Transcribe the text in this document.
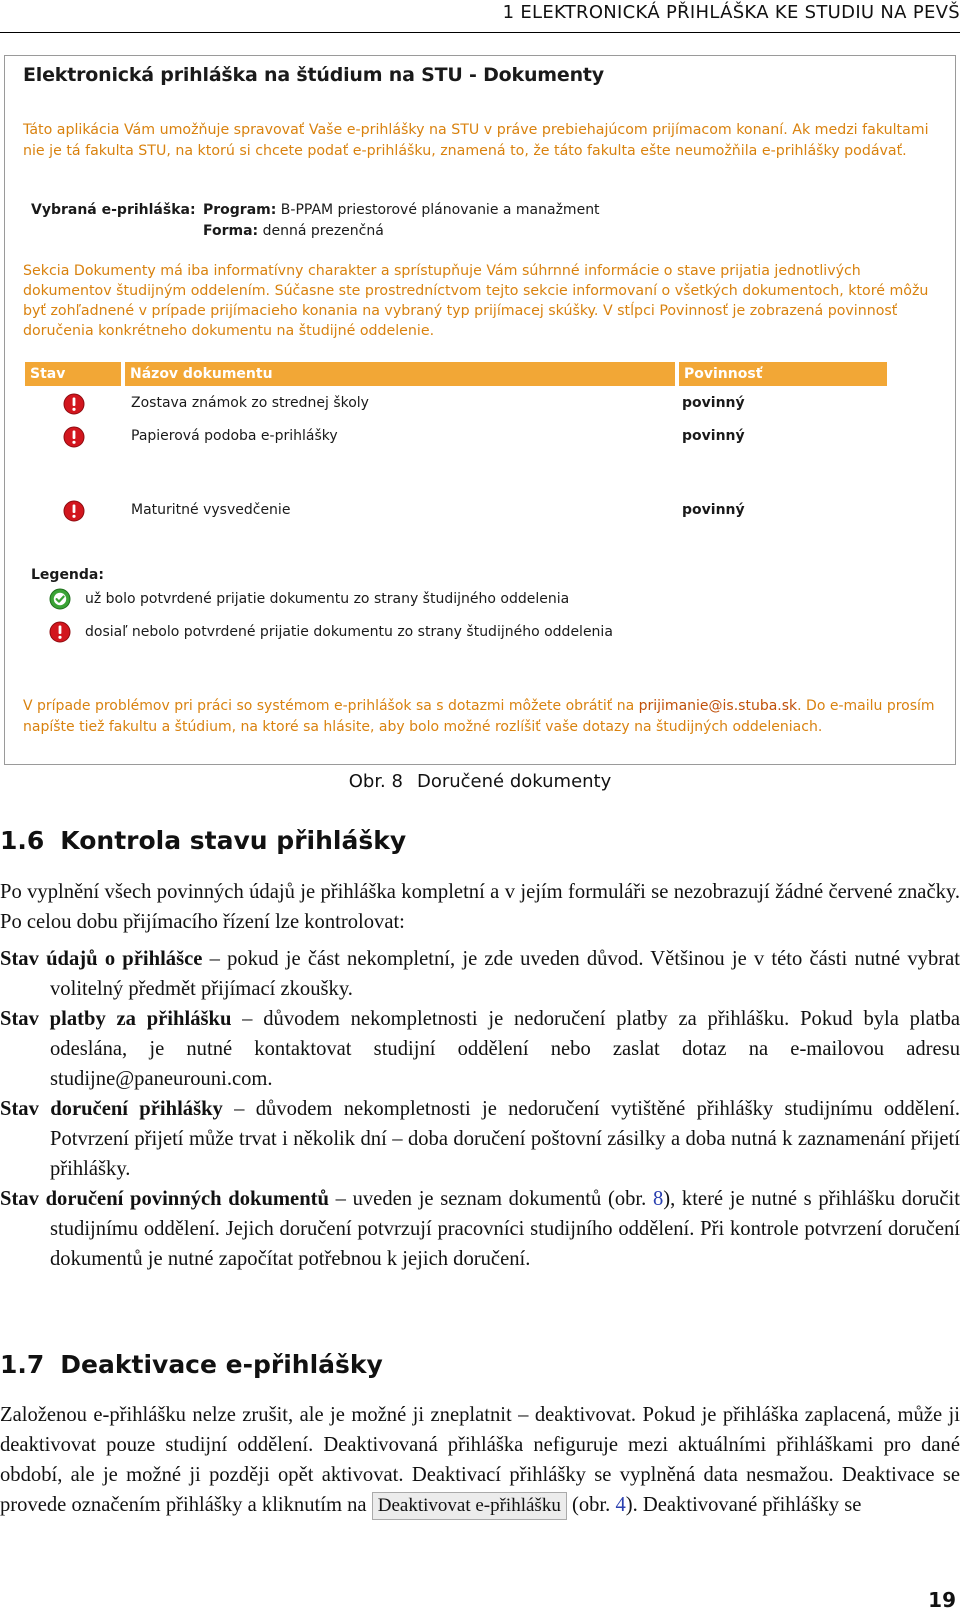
1 ELEKTRONICKÁ PŘIHLÁŠKA KE STUDIU NA PEVŠ
Elektronická prihláška na štúdium na STU - Dokumenty
Táto aplikácia Vám umožňuje spravovať Vaše e-prihlášky na STU v práve prebiehajúcom prijímacom konaní. Ak medzi fakultami nie je tá fakulta STU, na ktorú si chcete podať e-prihlášku, znamená to, že táto fakulta ešte neumožňila e-prihlášky podávať.
Vybraná e-prihláška: Program: B-PPAM priestorové plánovanie a manažment
Forma: denná prezenčná
Sekcia Dokumenty má iba informatívny charakter a sprístupňuje Vám súhrnné informácie o stave prijatia jednotlivých dokumentov študijným oddelením. Súčasne ste prostredníctvom tejto sekcie informovaní o všetkých dokumentoch, ktoré môžu byť zohľadnené v prípade prijímacieho konania na vybraný typ prijímacej skúšky. V stĺpci Povinnosť je zobrazená povinnosť doručenia konkrétneho dokumentu na študijné oddelenie.
Stav	Názov dokumentu	Povinnosť
Zostava známok zo strednej školy	povinný
Papierová podoba e-prihlášky	povinný
Maturitné vysvedčenie	povinný
Legenda:
už bolo potvrdené prijatie dokumentu zo strany študijného oddelenia
dosiaľ nebolo potvrdené prijatie dokumentu zo strany študijného oddelenia
V prípade problémov pri práci so systémom e-prihlášok sa s dotazmi môžete obrátiť na prijimanie@is.stuba.sk. Do e-mailu prosím napíšte tiež fakultu a štúdium, na ktoré sa hlásite, aby bolo možné rozlíšiť vaše dotazy na študijných oddeleniach.
Obr. 8 Doručené dokumenty
1.6 Kontrola stavu přihlášky
Po vyplnění všech povinných údajů je přihláška kompletní a v jejím formuláři se nezobrazují žádné červené značky. Po celou dobu přijímacího řízení lze kontrolovat:
Stav údajů o přihlášce – pokud je část nekompletní, je zde uveden důvod. Většinou je v této části nutné vybrat volitelný předmět přijímací zkoušky.
Stav platby za přihlášku – důvodem nekompletnosti je nedoručení platby za přihlášku. Pokud byla platba odeslána, je nutné kontaktovat studijní oddělení nebo zaslat dotaz na e-mailovou adresu studijne@paneurouni.com.
Stav doručení přihlášky – důvodem nekompletnosti je nedoručení vytištěné přihlášky studijnímu oddělení. Potvrzení přijetí může trvat i několik dní – doba doručení poštovní zásilky a doba nutná k zaznamenání přijetí přihlášky.
Stav doručení povinných dokumentů – uveden je seznam dokumentů (obr. 8), které je nutné s přihlášku doručit studijnímu oddělení. Jejich doručení potvrzují pracovníci studijního oddělení. Při kontrole potvrzení doručení dokumentů je nutné započítat potřebnou k jejich doručení.
1.7 Deaktivace e-přihlášky
Založenou e-přihlášku nelze zrušit, ale je možné ji zneplatnit – deaktivovat. Pokud je přihláška zaplacená, může ji deaktivovat pouze studijní oddělení. Deaktivovaná přihláška nefiguruje mezi aktuálními přihláškami pro dané období, ale je možné ji později opět aktivovat. Deaktivací přihlášky se vyplněná data nesmažou. Deaktivace se provede označením přihlášky a kliknutím na Deaktivovat e-přihlášku (obr. 4). Deaktivované přihlášky se
19
